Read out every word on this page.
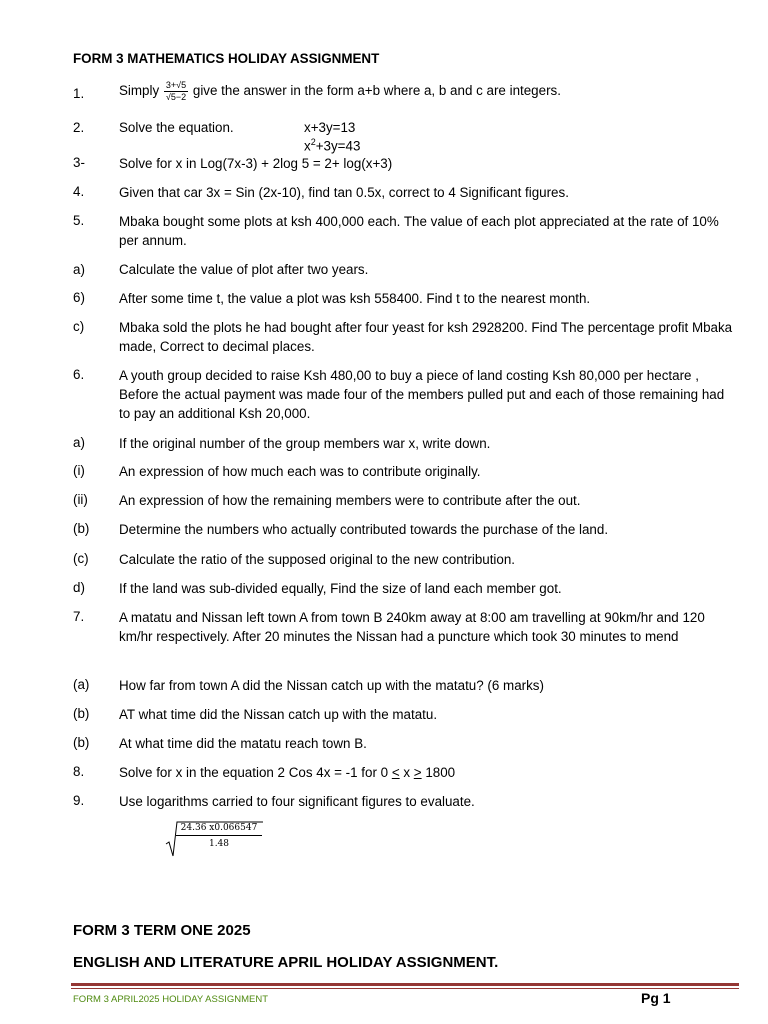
FORM 3 MATHEMATICS HOLIDAY ASSIGNMENT
1.	Simply $\frac{3+√5}{√5-2}$ give the answer in the form a+b where a, b and c are integers.
2.	Solve the equation.	x+3y=13
$x^2+3y=43$
3-	Solve for x in Log(7x-3) + 2log 5 = 2+ log(x+3)
4.	Given that car 3x = Sin (2x-10), find tan 0.5x, correct to 4 Significant figures.
5.	Mbaka bought some plots at ksh 400,000 each. The value of each plot appreciated at the rate of 10% per annum.
a)	Calculate the value of plot after two years.
6)	After some time t, the value a plot was ksh 558400. Find t to the nearest month.
c)	Mbaka sold the plots he had bought after four yeast for ksh 2928200. Find The percentage profit Mbaka made, Correct to decimal places.
6.	A youth group decided to raise Ksh 480,00 to buy a piece of land costing Ksh 80,000 per hectare , Before the actual payment was made four of the members pulled put and each of those remaining had to pay an additional Ksh 20,000.
a)	If the original number of the group members war x, write down.
(i)	An expression of how much each was to contribute originally.
(ii) An expression of how the remaining members were to contribute after the out.
(b) Determine the numbers who actually contributed towards the purchase of the land.
(c) Calculate the ratio of the supposed original to the new contribution.
d)	If the land was sub-divided equally, Find the size of land each member got.
7.	A matatu and Nissan left town A from town B 240km away at 8:00 am travelling at 90km/hr and 120 km/hr respectively. After 20 minutes the Nissan had a puncture which took 30 minutes to mend
(a) How far from town A did the Nissan catch up with the matatu? (6 marks)
(b) AT what time did the Nissan catch up with the matatu.
(b) At what time did the matatu reach town B.
8.	Solve for x in the equation 2 Cos 4x = -1 for 0 < x > 1800
9.	Use logarithms carried to four significant figures to evaluate.
$\frac{24.36 x0.066547}{1.48}$
FORM 3 TERM ONE 2025
ENGLISH AND LITERATURE APRIL HOLIDAY ASSIGNMENT.
FORM 3 APRIL2025 HOLIDAY ASSIGNMENT	Pg 1
